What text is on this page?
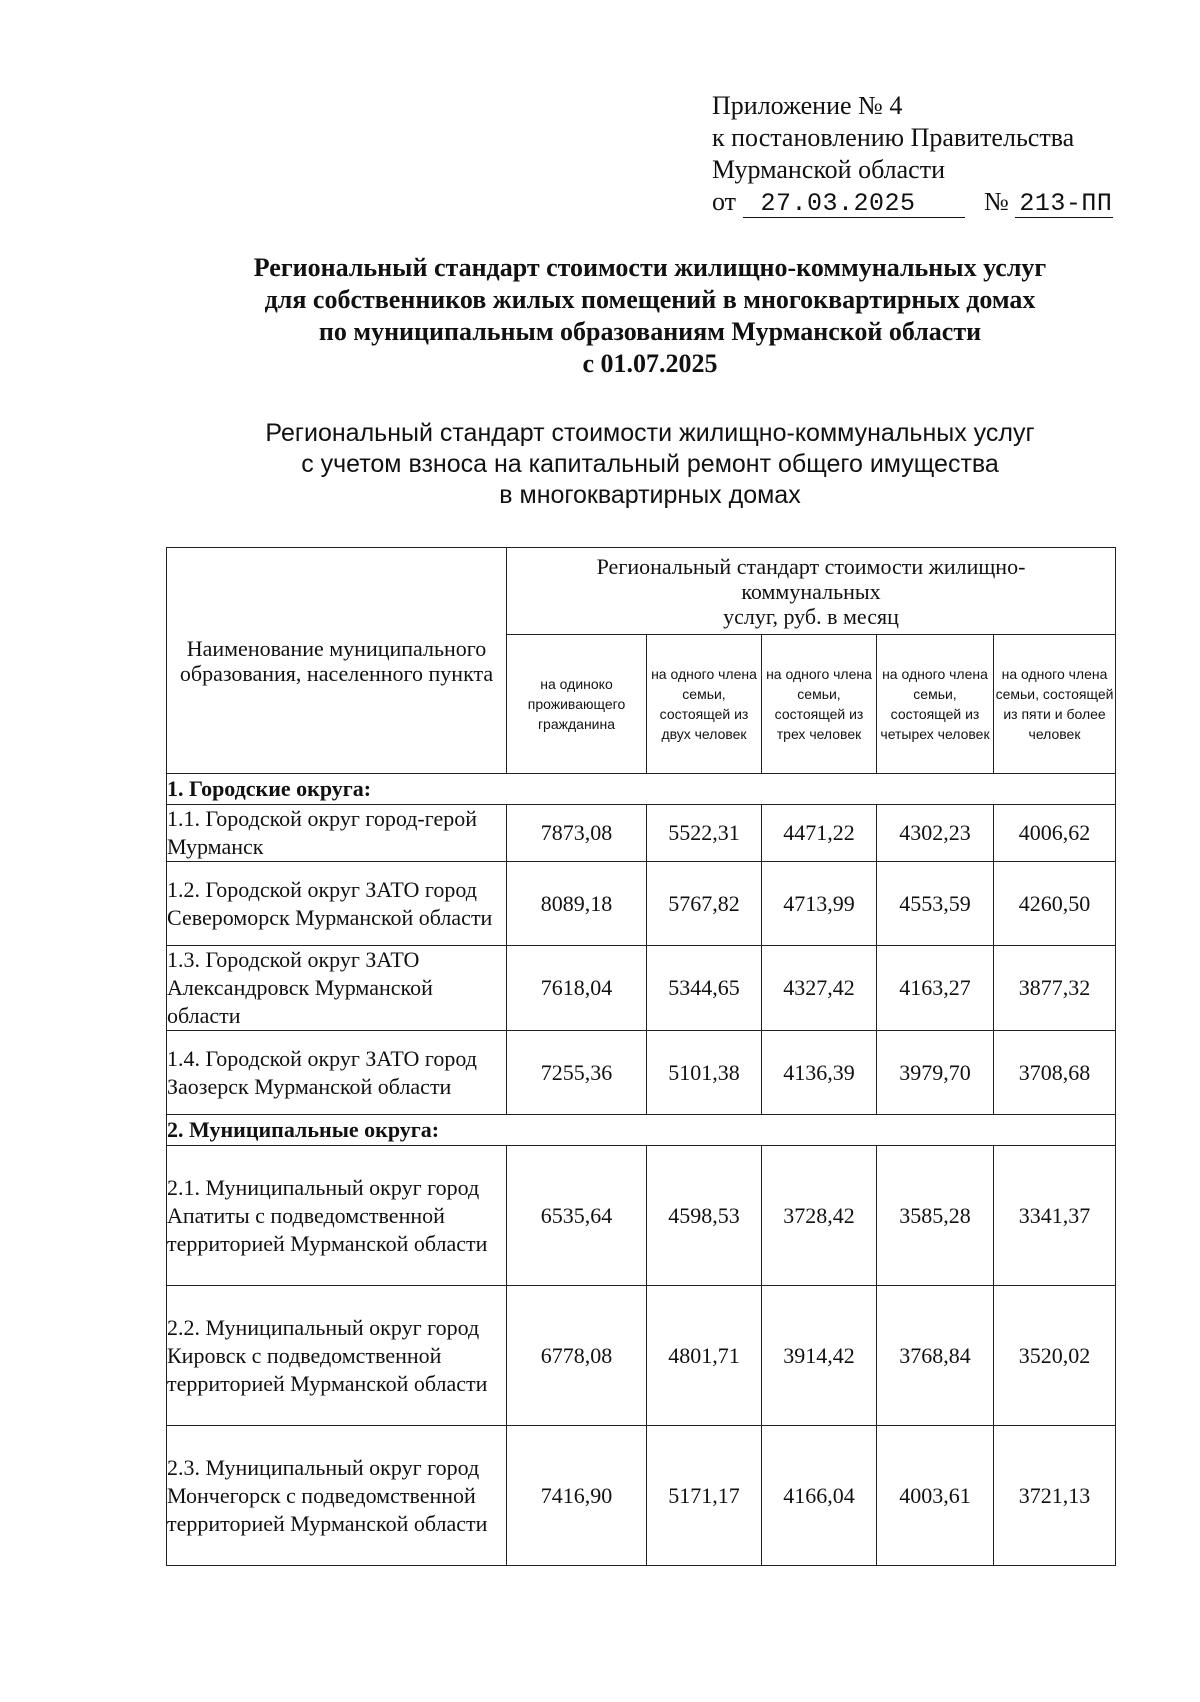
Приложение № 4
к постановлению Правительства
Мурманской области
от 27.03.2025	№ 213-ПП
Региональный стандарт стоимости жилищно-коммунальных услуг
для собственников жилых помещений в многоквартирных домах
по муниципальным образованиям Мурманской области
с 01.07.2025
Региональный стандарт стоимости жилищно-коммунальных услуг
с учетом взноса на капитальный ремонт общего имущества
в многоквартирных домах
Наименование муниципального образования, населенного пункта	Региональный стандарт стоимости жилищно-
коммунальных
услуг, руб. в месяц				

	на одиноко проживающего гражданина	на одного члена семьи, состоящей из двух человек	на одного члена семьи, состоящей из трех человек	на одного члена семьи, состоящей из четырех человек	на одного члена семьи, состоящей из пяти и более человек
1. Городские округа:					
1.1. Городской округ город-герой Мурманск	7873,08	5522,31	4471,22	4302,23	4006,62
1.2. Городской округ ЗАТО город Североморск Мурманской области	8089,18	5767,82	4713,99	4553,59	4260,50
1.3. Городской округ ЗАТО Александровск Мурманской области	7618,04	5344,65	4327,42	4163,27	3877,32
1.4. Городской округ ЗАТО город Заозерск Мурманской области	7255,36	5101,38	4136,39	3979,70	3708,68
2. Муниципальные округа:					
2.1. Муниципальный округ город Апатиты с подведомственной территорией Мурманской области	6535,64	4598,53	3728,42	3585,28	3341,37
2.2. Муниципальный округ город Кировск с подведомственной территорией Мурманской области	6778,08	4801,71	3914,42	3768,84	3520,02
2.3. Муниципальный округ город Мончегорск с подведомственной территорией Мурманской области	7416,90	5171,17	4166,04	4003,61	3721,13
